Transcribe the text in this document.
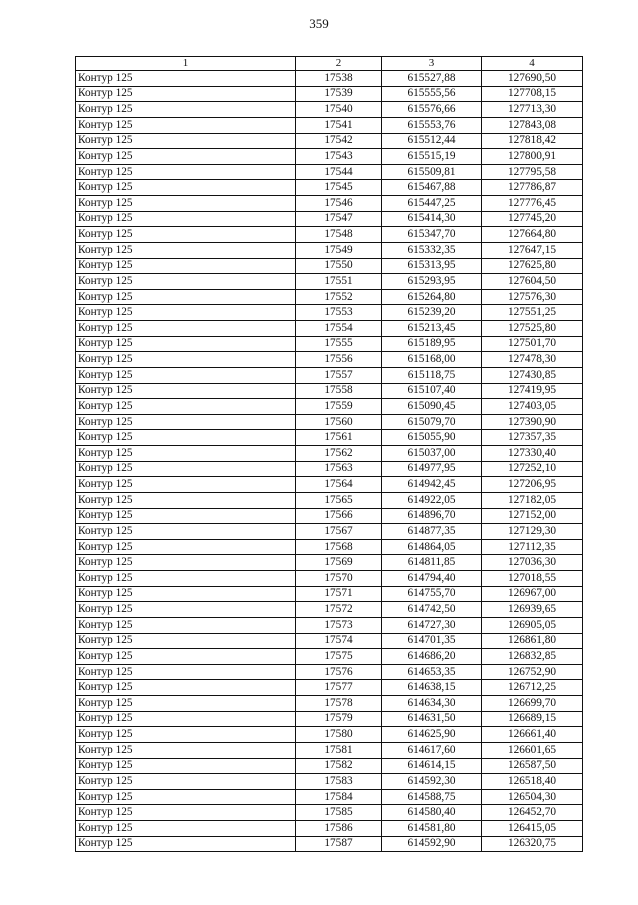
359
1	2	3	4
Контур 125	17538	615527,88	127690,50
Контур 125	17539	615555,56	127708,15
Контур 125	17540	615576,66	127713,30
Контур 125	17541	615553,76	127843,08
Контур 125	17542	615512,44	127818,42
Контур 125	17543	615515,19	127800,91
Контур 125	17544	615509,81	127795,58
Контур 125	17545	615467,88	127786,87
Контур 125	17546	615447,25	127776,45
Контур 125	17547	615414,30	127745,20
Контур 125	17548	615347,70	127664,80
Контур 125	17549	615332,35	127647,15
Контур 125	17550	615313,95	127625,80
Контур 125	17551	615293,95	127604,50
Контур 125	17552	615264,80	127576,30
Контур 125	17553	615239,20	127551,25
Контур 125	17554	615213,45	127525,80
Контур 125	17555	615189,95	127501,70
Контур 125	17556	615168,00	127478,30
Контур 125	17557	615118,75	127430,85
Контур 125	17558	615107,40	127419,95
Контур 125	17559	615090,45	127403,05
Контур 125	17560	615079,70	127390,90
Контур 125	17561	615055,90	127357,35
Контур 125	17562	615037,00	127330,40
Контур 125	17563	614977,95	127252,10
Контур 125	17564	614942,45	127206,95
Контур 125	17565	614922,05	127182,05
Контур 125	17566	614896,70	127152,00
Контур 125	17567	614877,35	127129,30
Контур 125	17568	614864,05	127112,35
Контур 125	17569	614811,85	127036,30
Контур 125	17570	614794,40	127018,55
Контур 125	17571	614755,70	126967,00
Контур 125	17572	614742,50	126939,65
Контур 125	17573	614727,30	126905,05
Контур 125	17574	614701,35	126861,80
Контур 125	17575	614686,20	126832,85
Контур 125	17576	614653,35	126752,90
Контур 125	17577	614638,15	126712,25
Контур 125	17578	614634,30	126699,70
Контур 125	17579	614631,50	126689,15
Контур 125	17580	614625,90	126661,40
Контур 125	17581	614617,60	126601,65
Контур 125	17582	614614,15	126587,50
Контур 125	17583	614592,30	126518,40
Контур 125	17584	614588,75	126504,30
Контур 125	17585	614580,40	126452,70
Контур 125	17586	614581,80	126415,05
Контур 125	17587	614592,90	126320,75
